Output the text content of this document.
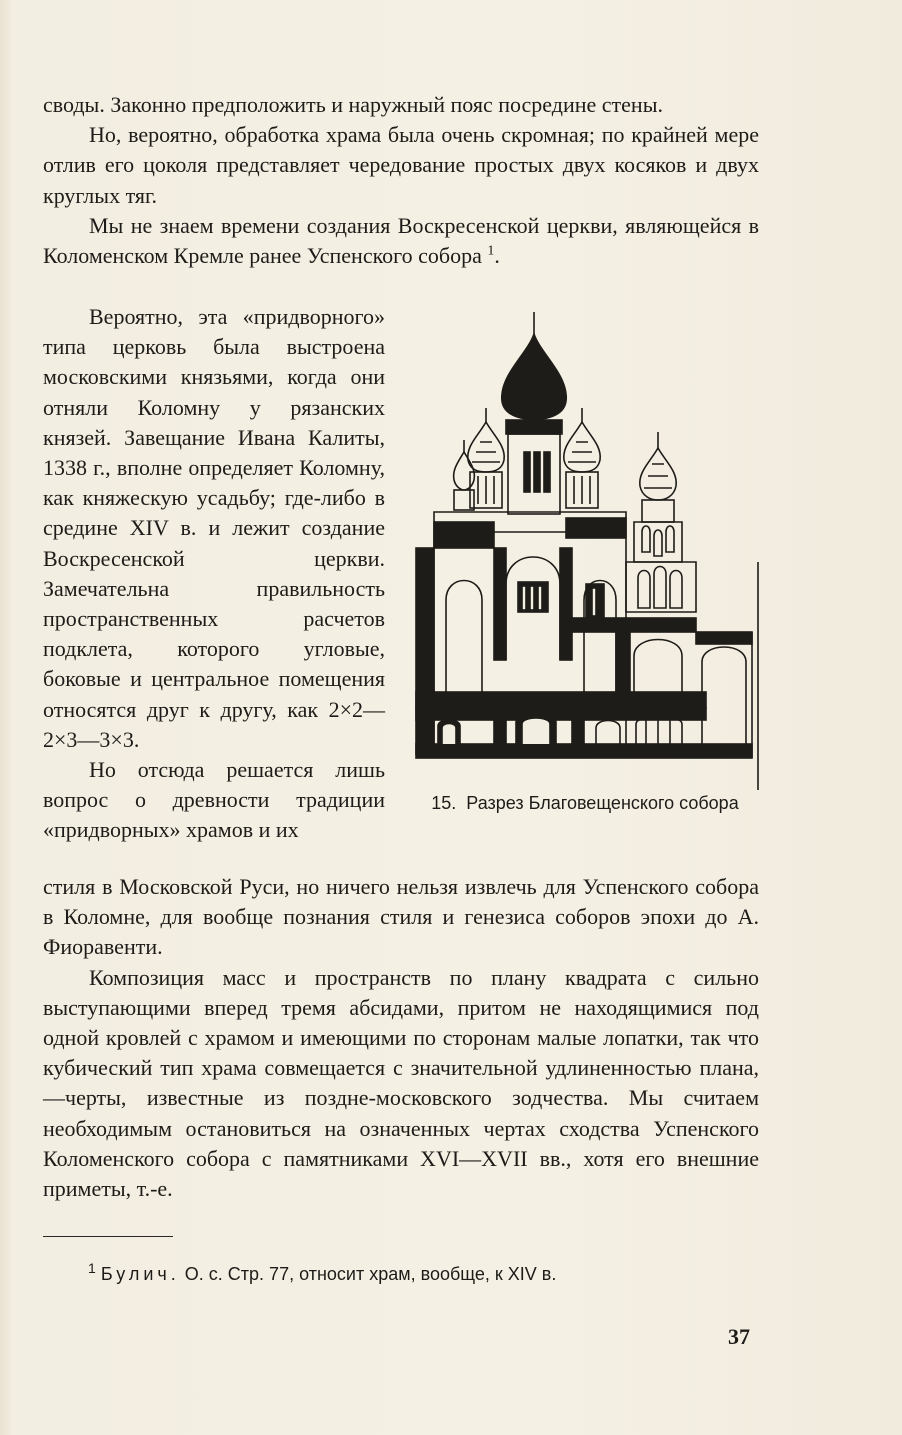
своды. Законно предположить и наружный пояс посредине стены.

Но, вероятно, обработка храма была очень скромная; по крайней мере отлив его цоколя представляет чередование простых двух косяков и двух круглых тяг.

Мы не знаем времени создания Воскресенской церкви, являющейся в Коломенском Кремле ранее Успенского собора $^1$.

Вероятно, эта «придворного» типа церковь была выстроена московскими князьями, когда они отняли Коломну у рязанских князей. Завещание Ивана Калиты, 1338 г., вполне определяет Коломну, как княжескую усадьбу; где-либо в средине XIV в. и лежит создание Воскресенской церкви. Замечательна правильность пространственных расчетов подклета, которого угловые, боковые и центральное помещения относятся друг к другу, как 2×2—2×3—3×3.

Но отсюда решается лишь вопрос о древности традиции «придворных» храмов и их

15. Разрез Благовещенского собора

стиля в Московской Руси, но ничего нельзя извлечь для Успенского собора в Коломне, для вообще познания стиля и генезиса соборов эпохи до А. Фиоравенти.

Композиция масс и пространств по плану квадрата с сильно выступающими вперед тремя абсидами, притом не находящимися под одной кровлей с храмом и имеющими по сторонам малые лопатки, так что кубический тип храма совмещается с значительной удлиненностью плана,—черты, известные из поздне-московского зодчества. Мы считаем необходимым остановиться на означенных чертах сходства Успенского Коломенского собора с памятниками XVI—XVII вв., хотя его внешние приметы, т.-е.

$^1$ Булич. О. с. Стр. 77, относит храм, вообще, к XIV в.
37
